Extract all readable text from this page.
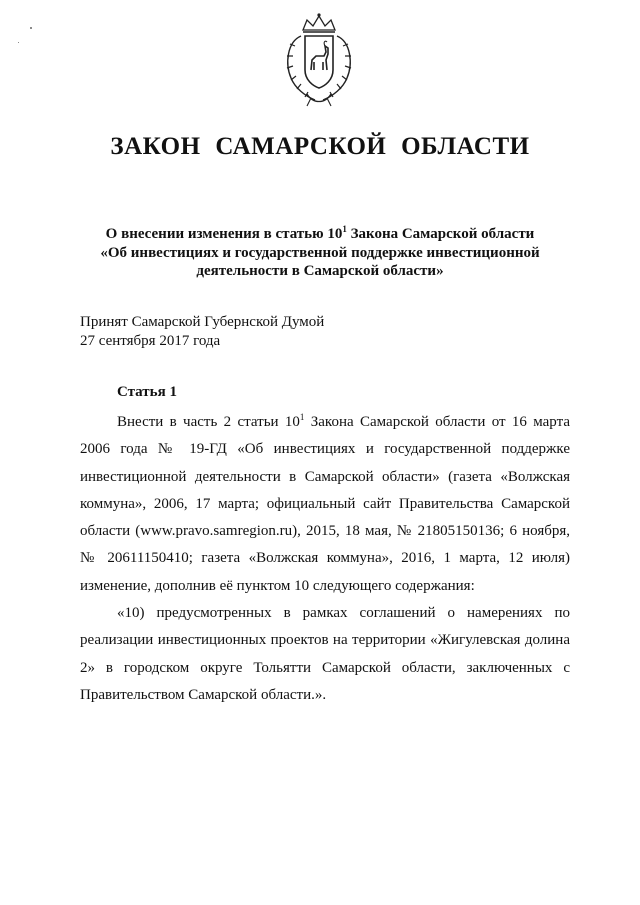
ЗАКОН САМАРСКОЙ ОБЛАСТИ
О внесении изменения в статью $10^1$ Закона Самарской области
«Об инвестициях и государственной поддержке инвестиционной
деятельности в Самарской области»
Принят Самарской Губернской Думой
27 сентября 2017 года
Статья 1

Внести в часть 2 статьи $10^1$ Закона Самарской области от 16 марта 2006 года № 19-ГД «Об инвестициях и государственной поддержке инвестиционной деятельности в Самарской области» (газета «Волжская коммуна», 2006, 17 марта; официальный сайт Правительства Самарской области (www.pravo.samregion.ru), 2015, 18 мая, № 21805150136; 6 ноября, № 20611150410; газета «Волжская коммуна», 2016, 1 марта, 12 июля) изменение, дополнив её пунктом 10 следующего содержания:

«10) предусмотренных в рамках соглашений о намерениях по реализации инвестиционных проектов на территории «Жигулевская долина 2» в городском округе Тольятти Самарской области, заключенных с Правительством Самарской области.».
